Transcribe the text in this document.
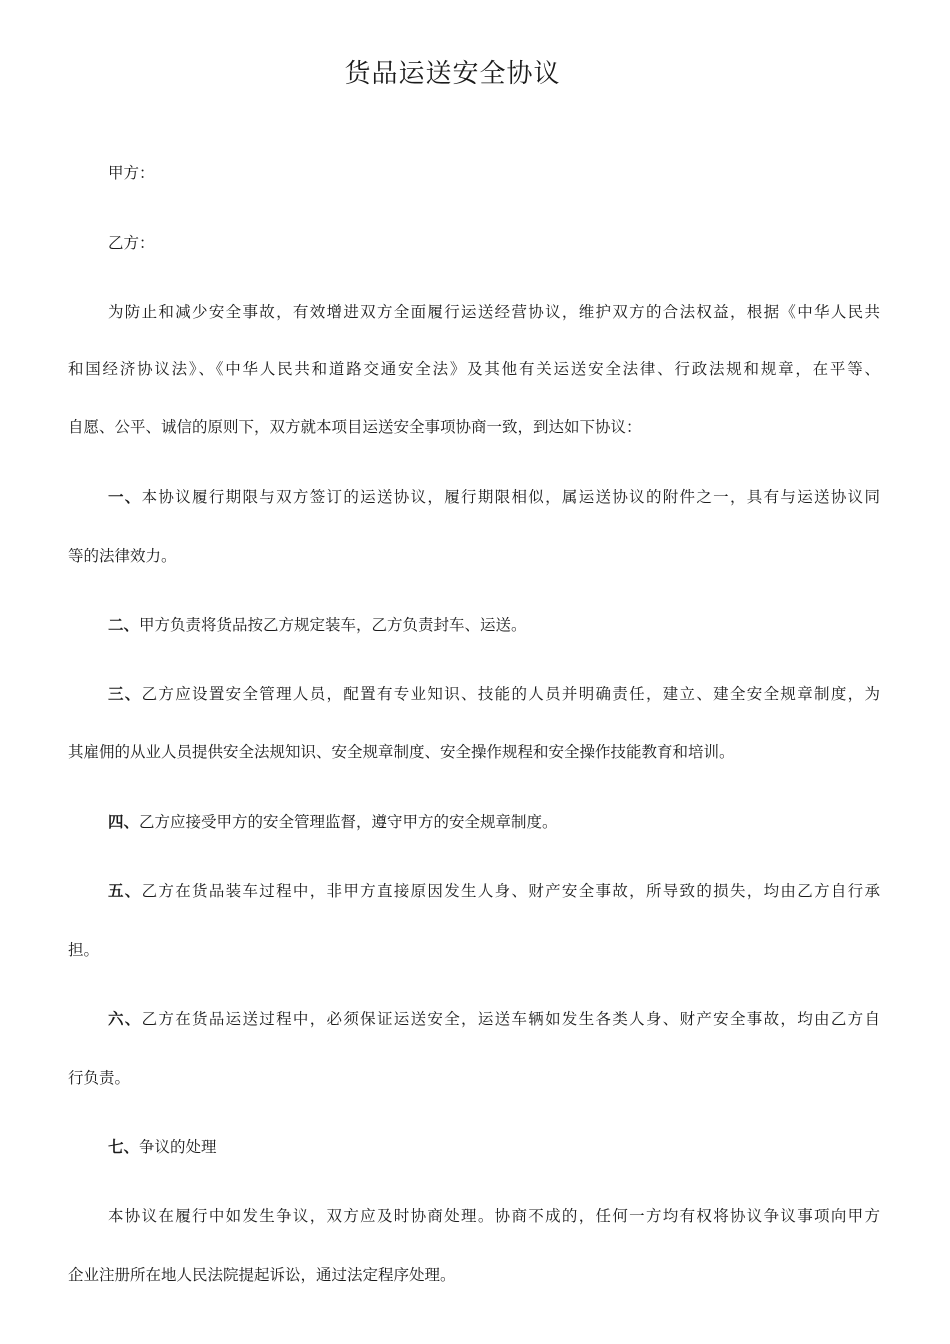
货品运送安全协议
甲方：
乙方：
为防止和减少安全事故，有效增进双方全面履行运送经营协议，维护双方的合法权益，根据《中华人民共
和国经济协议法》、《中华人民共和道路交通安全法》及其他有关运送安全法律、行政法规和规章，在平等、
自愿、公平、诚信的原则下，双方就本项目运送安全事项协商一致，到达如下协议：
一、本协议履行期限与双方签订的运送协议，履行期限相似，属运送协议的附件之一，具有与运送协议同
等的法律效力。
二、甲方负责将货品按乙方规定装车，乙方负责封车、运送。
三、乙方应设置安全管理人员，配置有专业知识、技能的人员并明确责任，建立、建全安全规章制度，为
其雇佣的从业人员提供安全法规知识、安全规章制度、安全操作规程和安全操作技能教育和培训。
四、乙方应接受甲方的安全管理监督，遵守甲方的安全规章制度。
五、乙方在货品装车过程中，非甲方直接原因发生人身、财产安全事故，所导致的损失，均由乙方自行承
担。
六、乙方在货品运送过程中，必须保证运送安全，运送车辆如发生各类人身、财产安全事故，均由乙方自
行负责。
七、争议的处理
本协议在履行中如发生争议，双方应及时协商处理。协商不成的，任何一方均有权将协议争议事项向甲方
企业注册所在地人民法院提起诉讼，通过法定程序处理。
